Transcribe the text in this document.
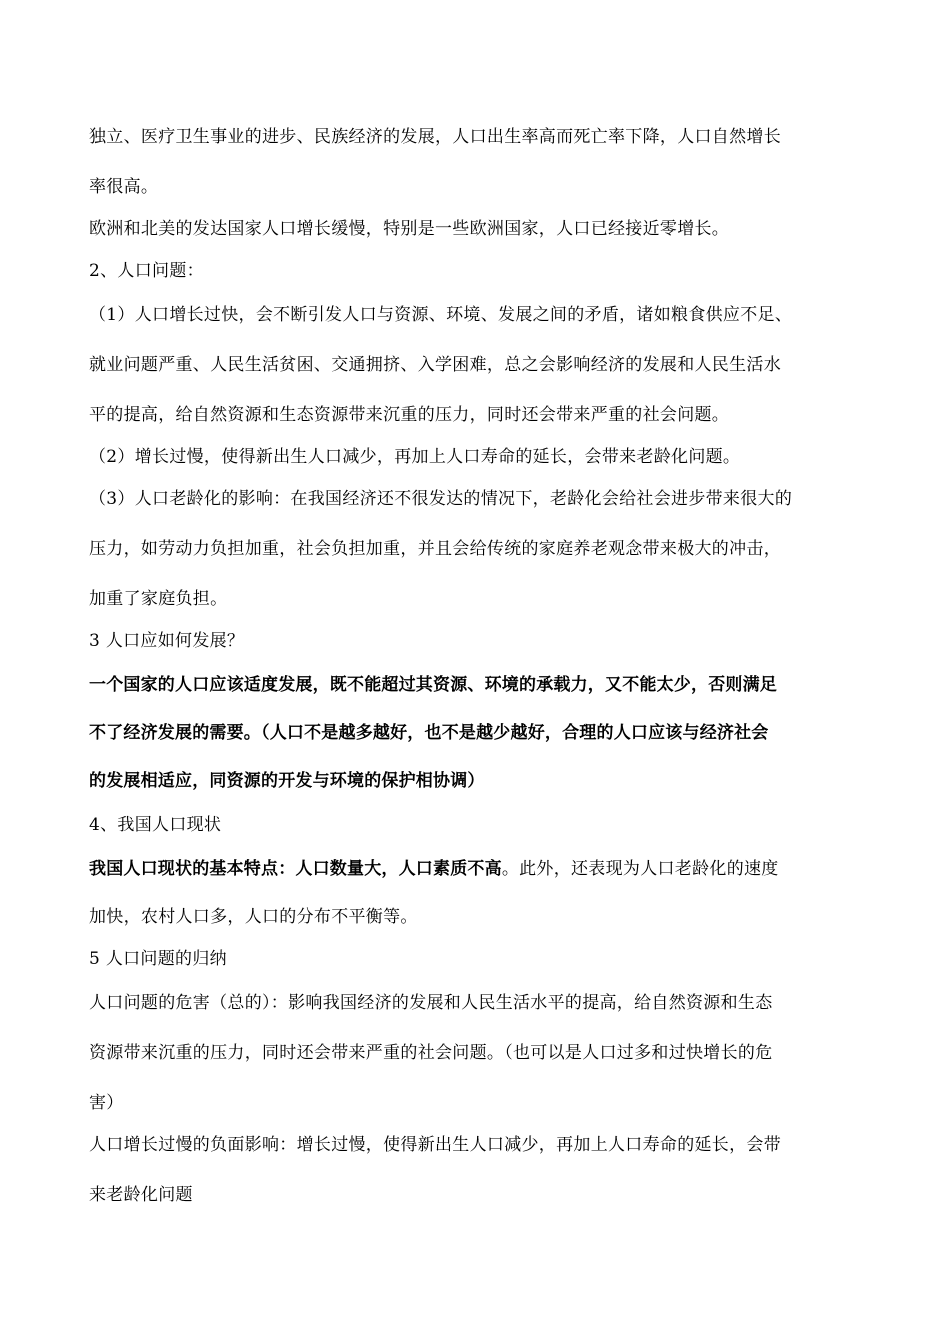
独立、医疗卫生事业的进步、民族经济的发展，人口出生率高而死亡率下降，人口自然增长
率很高。
欧洲和北美的发达国家人口增长缓慢，特别是一些欧洲国家，人口已经接近零增长。
2、人口问题：
（1）人口增长过快，会不断引发人口与资源、环境、发展之间的矛盾，诸如粮食供应不足、
就业问题严重、人民生活贫困、交通拥挤、入学困难，总之会影响经济的发展和人民生活水
平的提高，给自然资源和生态资源带来沉重的压力，同时还会带来严重的社会问题。
（2）增长过慢，使得新出生人口减少，再加上人口寿命的延长，会带来老龄化问题。
（3）人口老龄化的影响：在我国经济还不很发达的情况下，老龄化会给社会进步带来很大的
压力，如劳动力负担加重，社会负担加重，并且会给传统的家庭养老观念带来极大的冲击，
加重了家庭负担。
3 人口应如何发展？
一个国家的人口应该适度发展，既不能超过其资源、环境的承载力，又不能太少，否则满足
不了经济发展的需要。（人口不是越多越好，也不是越少越好，合理的人口应该与经济社会
的发展相适应，同资源的开发与环境的保护相协调）
4、我国人口现状
我国人口现状的基本特点：人口数量大，人口素质不高。此外，还表现为人口老龄化的速度
加快，农村人口多，人口的分布不平衡等。
5 人口问题的归纳
人口问题的危害（总的）：影响我国经济的发展和人民生活水平的提高，给自然资源和生态
资源带来沉重的压力，同时还会带来严重的社会问题。（也可以是人口过多和过快增长的危
害）
人口增长过慢的负面影响：增长过慢，使得新出生人口减少，再加上人口寿命的延长，会带
来老龄化问题
